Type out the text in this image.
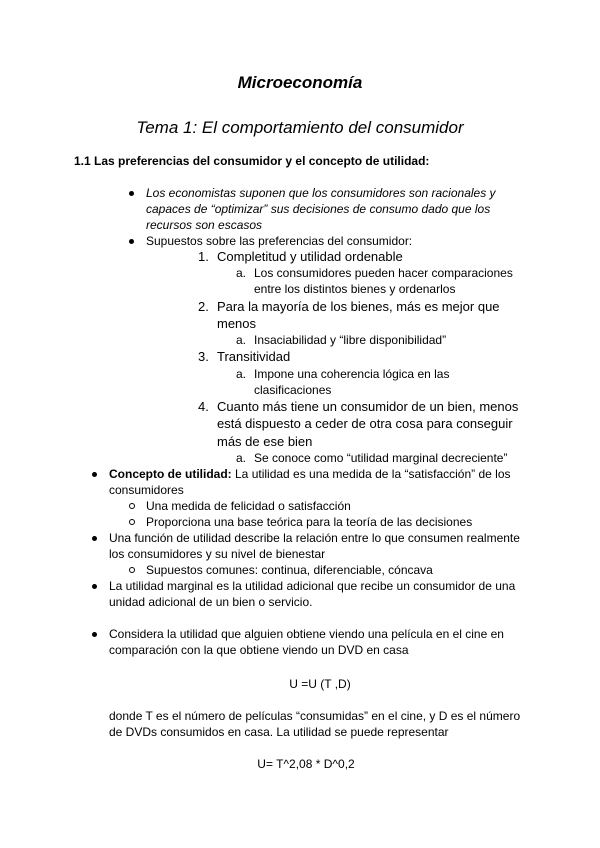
Microeconomía
Tema 1: El comportamiento del consumidor
1.1 Las preferencias del consumidor y el concepto de utilidad:
Los economistas suponen que los consumidores son racionales y
capaces de “optimizar” sus decisiones de consumo dado que los
recursos son escasos
Supuestos sobre las preferencias del consumidor:
1. Completitud y utilidad ordenable
a. Los consumidores pueden hacer comparaciones
entre los distintos bienes y ordenarlos
2. Para la mayoría de los bienes, más es mejor que
menos
a. Insaciabilidad y “libre disponibilidad”
3. Transitividad
a. Impone una coherencia lógica en las
clasificaciones
4. Cuanto más tiene un consumidor de un bien, menos
está dispuesto a ceder de otra cosa para conseguir
más de ese bien
a. Se conoce como “utilidad marginal decreciente”
Concepto de utilidad: La utilidad es una medida de la “satisfacción” de los
consumidores
Una medida de felicidad o satisfacción
Proporciona una base teórica para la teoría de las decisiones
Una función de utilidad describe la relación entre lo que consumen realmente
los consumidores y su nivel de bienestar
Supuestos comunes: continua, diferenciable, cóncava
La utilidad marginal es la utilidad adicional que recibe un consumidor de una
unidad adicional de un bien o servicio.
Considera la utilidad que alguien obtiene viendo una película en el cine en
comparación con la que obtiene viendo un DVD en casa
U =U (T ,D)
donde T es el número de películas “consumidas” en el cine, y D es el número
de DVDs consumidos en casa. La utilidad se puede representar
U= T^2,08 * D^0,2
